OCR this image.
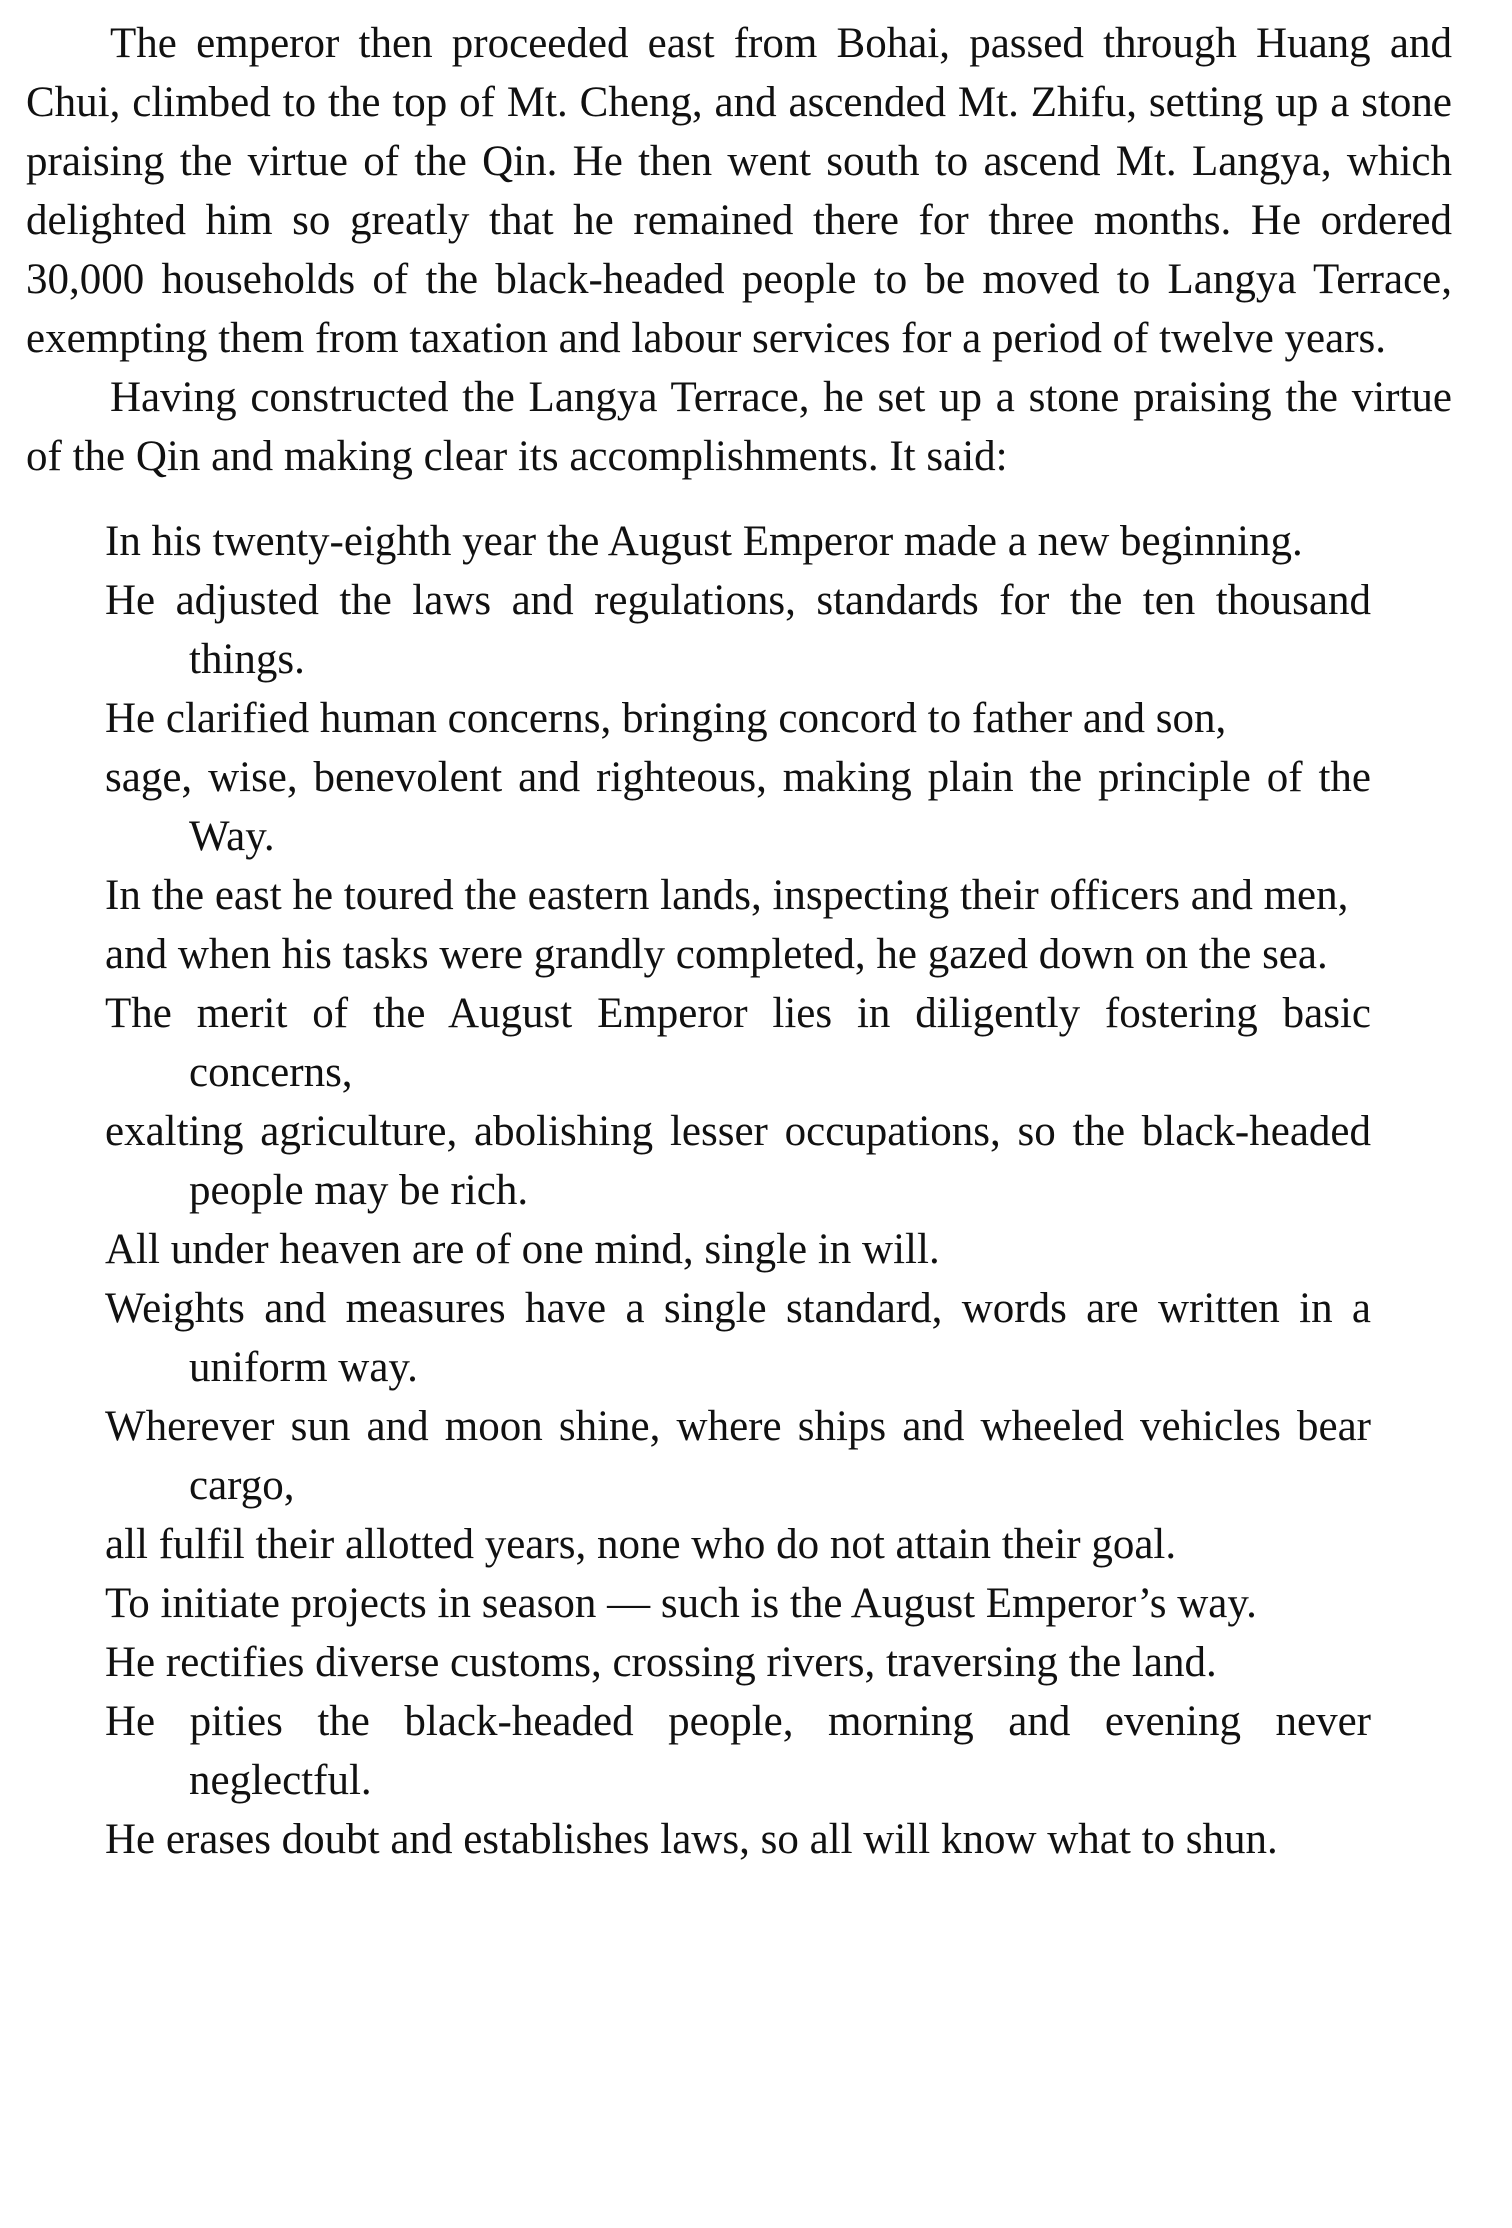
The emperor then proceeded east from Bohai, passed through Huang and Chui, climbed to the top of Mt. Cheng, and ascended Mt. Zhifu, setting up a stone praising the virtue of the Qin. He then went south to ascend Mt. Langya, which delighted him so greatly that he remained there for three months. He ordered 30,000 households of the black-headed people to be moved to Langya Terrace, exempting them from taxation and labour services for a period of twelve years.

Having constructed the Langya Terrace, he set up a stone praising the virtue of the Qin and making clear its accomplishments. It said:

In his twenty-eighth year the August Emperor made a new beginning.
He adjusted the laws and regulations, standards for the ten thousand things.
He clarified human concerns, bringing concord to father and son,
sage, wise, benevolent and righteous, making plain the principle of the Way.
In the east he toured the eastern lands, inspecting their officers and men,
and when his tasks were grandly completed, he gazed down on the sea.
The merit of the August Emperor lies in diligently fostering basic concerns,
exalting agriculture, abolishing lesser occupations, so the black-headed people may be rich.
All under heaven are of one mind, single in will.
Weights and measures have a single standard, words are written in a uniform way.
Wherever sun and moon shine, where ships and wheeled vehicles bear cargo,
all fulfil their allotted years, none who do not attain their goal.
To initiate projects in season — such is the August Emperor’s way.
He rectifies diverse customs, crossing rivers, traversing the land.
He pities the black-headed people, morning and evening never neglectful.
He erases doubt and establishes laws, so all will know what to shun.
